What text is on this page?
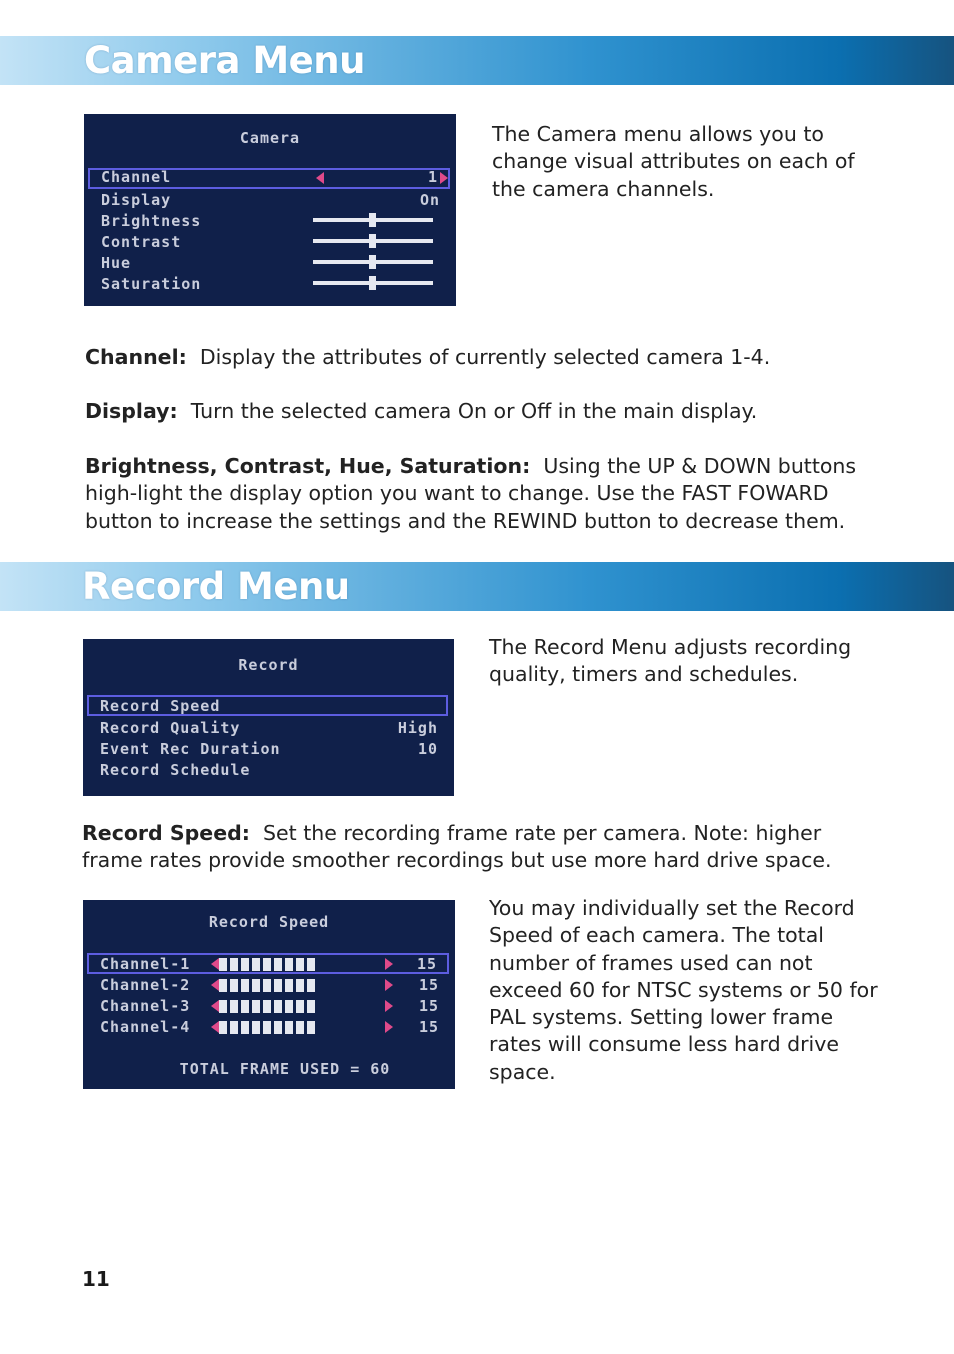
Camera Menu
Camera
Channel	1
Display	On
Brightness
Contrast
Hue
Saturation
The Camera menu allows you to change visual attributes on each of the camera channels.
Channel: Display the attributes of currently selected camera 1-4.
Display: Turn the selected camera On or Off in the main display.
Brightness, Contrast, Hue, Saturation: Using the UP & DOWN buttons high-light the display option you want to change. Use the FAST FOWARD button to increase the settings and the REWIND button to decrease them.
Record Menu
Record
Record Speed
Record Quality	High
Event Rec Duration	10
Record Schedule
The Record Menu adjusts recording quality, timers and schedules.
Record Speed: Set the recording frame rate per camera. Note: higher frame rates provide smoother recordings but use more hard drive space.
Record Speed
Channel-1	15
Channel-2	15
Channel-3	15
Channel-4	15
TOTAL FRAME USED = 60
You may individually set the Record Speed of each camera. The total number of frames used can not exceed 60 for NTSC systems or 50 for PAL systems. Setting lower frame rates will consume less hard drive space.
11
